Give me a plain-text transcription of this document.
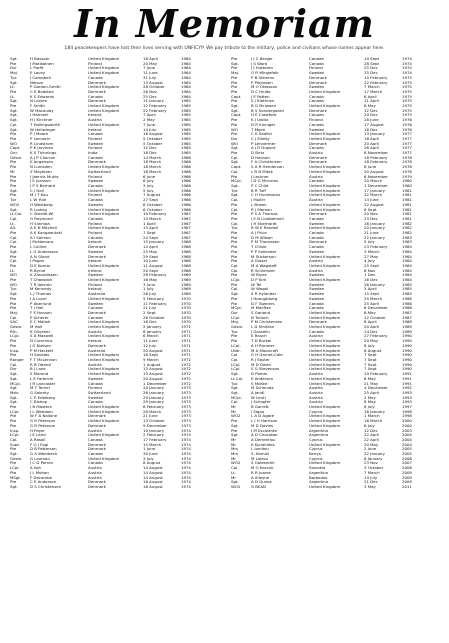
In Memoriam
184 peacekeepers have lost their lives serving with UNFICYP. We pay tribute to the military, police and civilians whose names appear here.
Sgt.	H Bassam	United Kingdom	18 April	1964
Pte	J Matikainen	Finland	20 May	1964
Dvr	L Parfit	United Kingdom	7 June	1964
Maj.	E Lacey	United Kingdom	11 June	1964
Tpr.	J Campbell	Canada	31 July	1964
Sgt.	Nelson	Denmark	13 August	1964
Lt.	P Gordon-Smith	United Kingdom	28 October	1964
Pte	C E Bodsted	Denmark	26 Nov	1964
Lt.	K S Edwards	Canada	25 Dec	1964
Sgt.	N Larsen	Denmark	11 January	1965
Pte	F Smith	United Kingdom	12 February	1965
Sgt.	W Macaulay	United Kingdom	22 February	1965
Sgt.	J Hammill	Ireland	7 April	1965
Sgt.	H J Kirchner	Austria	2 May	1965
Cpl.	T Hollingsworth	United Kingdom	7 June	1965
Sgt.	W Hellwinger	Ireland	14 July	1965
Pte	P J Moore	Canada	16 August	1965
Pte	P Lonnerin	Finland	5 October	1965
WO	R Lindstrom	Sweden	5 October	1965
Capt.	P K Jarvinen	Finland	12 Dec	1965
Gnr.	K S Thinnings	India	18 Dec	1965
Gdsm.	A J P Charron	Canada	14 March	1966
Pte	K Jorgensen	Denmark	18 March	1966
Pte	N Lumsden	United Kingdom	18 March	1966
Mr	Z Mayblom	Switzerland	18 March	1966
Pte	J Jaervia Mukia	Finland	6 June	1966
Pte	J E Jonsson	Sweden	6 July	1966
Pte	J P S Bernard	Canada	3 July	1966
Sgt.	C J Hall	United Kingdom	5 July	1966
Pte	M J T Kau	Finland	7 August	1966
Tpr	L W Yule	Canada	27 Sept	1966
WO2	H Westberg	Sweden	6 October	1966
Sgt.	R Ludvig	United Kingdom	6 October	1966
Lt.Col.	C Steelle-Wi	United Kingdom	10 February	1967
Cpl.	G Raymond	Canada	13 March	1967
Lt.	H Siinmaa	Finland	1 April	1967
A/L	A E N Mitchell	United Kingdom	13 April	1967
Pte	A K Kangaantaki	Finland	7 Sept	1967
Cpl.	A I Salmon	Canada	24 Sept	1967
Cpl.	J McNamara	Ireland	15 January	1968
Pte	L Colline	Denmark	14 April	1968
Sgt.	L G Andersson	Sweden	25 May	1968
Pte	A N Gland	Denmark	29 Sept	1968
Cpl.	J Pagan	Ireland	10 June	1968
Pte	D E Komar	United Kingdom	11 August	1968
Lt.	R Byrne	Ireland	20 Sept	1968
WO	K Zaroudissen	Sweden	28 February	1969
Pte	T Chadwick	United Kingdom	16 May	1969
WO	T R Jokinen	Finland	3 June	1969
Tpr.	M Kennedy	Ireland	1 July	1969
Sgt.	L J Thomas	Australia	26 July	1969
Pte	J A Lovel	United Kingdom	5 February	1970
Pte	P Aberlund	Sweden	11 February	1970
Pte	T J Hall	Canada	21 July	1970
Maj.	F E Hansen	Denmark	2 Sept	1970
Cpl.	P Scherer	Canada	26 October	1970
SAC	E C Mallah	United Kingdom	16 Dec	1970
Gdsm.	M Hall	United Kingdom	2 January	1971
Rfn.	K Oliveher	Austria	6 January	1971
LCpl.	S A Maxwell	United Kingdom	6 March	1971
Pte	D Cummins	Ireland	11 June	1971
Pte	J G Nielsen	Denmark	12 July	1971
Insp.	P M Hackett	Australia	20 August	1971
Pte	H Savidas	United Kingdom	18 Sept	1971
Ranger	F T McLennon	United Kingdom	9 March	1972
Cpl.	R B Obardl	Austria	1 August	1972
Dvr	B J Lane	United Kingdom	13 August	1972
Sgt.	S Marond	United Kingdom	13 August	1972
Sgt.	L E Farbrum	Sweden	20 August	1972
MCpl.	J R Lancaster	Canada	1 December	1972
Sgt.	M T Tervel	Finland	20 January	1973
Mstr.	G Salerity	Switzerland	26 January	1973
Sgt.	C E Edelberg	Sweden	29 January	1973
Sgt.	C Bishop	Canada	29 January	1973
Pte	J B Masters	United Kingdom	6 February	1973
LCpl.	J L Weedom	United Kingdom	28 March	1973
Pte	W F A Nallone	Denmark	21 June	1973
Pte	G R Peterson	United Kingdom	13 October	1973
Pte	G R Peterson	Denmark	9 December	1973
Insp.	H Payer	Austria	10 January	1974
LCpl.	J E Laird	United Kingdom	2 February	1974
Cpl.	A Rasoll	Canada	17 February	1974
Supt.	F G J Fogl	Denmark	15 March	1974
Pte	D B Patterson	Denmark	1 June	1974
Sgt.	G A Wembeck	Canada	30 June	1974
Gdsm.	G Lauman	United Kingdom	3 July	1974
Pte	J C D Perron	Canada	8 August	1974
LCpl.	A Iioh	Austria	14 August	1974
Pte	J L Mohan	Austria	14 August	1974
MSgt.	F Decombe	Austria	14 August	1974
Pte	C E Anderson	Denmark	16 August	1974
Sgt.	D S Christensen	Denmark	16 August	1974
Pte	J J C Berger	Canada	10 Sept	1974
Sgt.	J S Ward	Canada	28 Sept	1974
Pte	J J Hutteren	Finland	25 Dec	1974
Maj.	O R Wingefalk	Sweden	25 Dec	1974
Pte	P B Stevens	Denmark	10 February	1975
Pte	P Pihjessen	Denmark	22 February	1975
Pte	M O Ottosson	Sweden	7 March	1975
Pte	D C Hiulte	United Kingdom	17 March	1975
Capt.	J E Patten	Canada	6 April	1975
Pte	S J Klothnen	Canada	11 April	1975
Sgt.	B G Mclowen	United Kingdom	6 May	1975
Sgt.	B V Sondergaard	Denmark	12 Dec	1975
Capt.	H E Crawford	Canada	20 Dec	1975
Pte	K J Uotila	Finland	28 June	1976
Pte	D R Kinniger	Canada	17 August	1976
WO	T Moen	Sweden	16 Dec	1976
Pte	C K Sadlier	United Kingdom	13 January	1977
Dvr	C J Elletty	United Kingdom	16 April	1977
WO	P Lennermer	Denmark	20 April	1977
Sgt.	A J R Dupont	Canada	26 April	1977
Pte	D Birtz	Austria	8 November	1977
Cpl.	D Hansen	Denmark	18 February	1978
Sgt.	F A Christensen	Denmark	18 February	1978
Capt.	S A R Henderson	United Kingdom	8 June	1978
Cpl.	c R B Mitak	United Kingdom	20 August	1978
Pte	J Lackner	Austria	6 November	1979
MCpl.	J D G McInnes	Canada	20 March	1980
Sgt.	P C Child	United Kingdom	1 December	1980
Tpr.	B R Tuff	United Kingdom	17 January	1981
Sgt.	C H Hundsocks	United Kingdom	22 March	1981
Cpl.	J Muller	Austria	14 June	1981
Pte	L Brown	United Kingdom	22 August	1981
Cpl.	R J Manton	United Kingdom	6 Sept	1981
Pte	P S A Thomas	Denmark	20 Nov	1981
Pte	J E N Lindbelmell	Canada	23 Dec	1981
Cpl.	J H Eberhardt	Sweden	16 January	1982
Tpr.	R W E Randall	United Kingdom	20 January	1982
Pte	A J Price	Canada	21 June	1982
Pte	D M Wilson	Canada	22 January	1983
Pte	P M Thomasen	Denmark	5 July	1983
Pte	T Chisle	Canada	23 February	1984
Pte	P P Sallender	Sweden	3 March	1984
Pte	M Stickerson	United Kingdom	27 May	1984
Pte	A Glaser	Austria	4 July	1984
Cpl.	M A Wagstaff	United Kingdom	25 Sept	1984
Cpl.	R Schleinzer	Austria	6 Nov	1984
Pte	W Blyez	Sweden	1 Dec	1984
LCpl.	D P Kirk	United Kingdom	16 Dec	1984
Pte	W Tel	Sweden	26 January	1985
Cpl.	W Wagal	Sweden	5 April	1985
Sgt.	S R Hylander	Sweden	15 Sept	1985
Pte	J Hooughberg	Sweden	25 March	1986
Pte	D F Towners	Canada	25 April	1986
MCpl.	M MacRae	Canada	6 December	1986
Dvr	S Garland	United Kingdom	6 May	1987
LCpl.	N Tullach	United Kingdom	12 October	1987
Maj.	P M Christensen	Denmark	6 April	1988
Gdsm.	L D Smillian	United Kingdom	20 April	1989
Tpr.	J Gosselin	Canada	14 Dec	1989
Pte	E Rauch	Austria	27 February	1990
Pte	T D Burkai	United Kingdom	20 May	1990
LCpl.	A H Rimmer	United Kingdom	8 July	1990
LBdr.	M A Moorcroft	United Kingdom	6 August	1990
Cpl.	G H Garnet-Cole	United Kingdom	7 Sept	1990
Cpl.	R J Easter	United Kingdom	7 Sept	1990
LCpl.	M D Owen	United Kingdom	7 Sept	1990
LCpl.	S G Stevenson	United Kingdom	7 Sept	1990
Sgt.	D Pomm	Austria	20 February	1991
Lt.Col.	E Andersen	United Kingdom	6 May	1991
Tpr.	S McKee	United Kingdom	21 May	1991
Sgt.	M Schmude	Austria	4 December	1992
Sgt.	A Jandl	Austria	25 April	1993
MCpl.	W Lentl	Austria	2 May	1993
Cpl.	J Schopfer	Austria	8 May	1993
Mr	B Garrett	United Kingdom	8 July	1997
Mr	I Sigao	Cyprus	16 January	1998
WO2	L A D Agate	United Kingdom	1 March	1998
Pte	L J H Harrison	United Kingdom	16 March	2000
Sgt.	M D Davies	United Kingdom	6 July	2000
Pte	J M Escalante	Argentina	12 Dec	2003
Sgt.	A D Chocobar	Argentina	22 April	2004
Mr	A Demetriou	Cyprus	22 April	2004
Mr	K Kyriakides	United Kingdom	20 May	2004
Mrs	L Ionidou	Cyprus	2 June	2005
Mrs	S. Kamoil	Kenya	22 January	2005
Mr	M Loizou	Cyprus	6 January	2006
WO2	S Goldsmith	United Kingdom	23 Nov	2007
Cpl.	M O Kaczyk	Slovakia	3 October	2008
Lt.	R R Juarez	Argentina	7 March	2009
Mr	A Alleyne	Barbados	14 July	2009
Sgt.	A D Quiroz	Argentina	21 Dec	2009
WO2	G BEAN	United Kingdom	3 May	2011
